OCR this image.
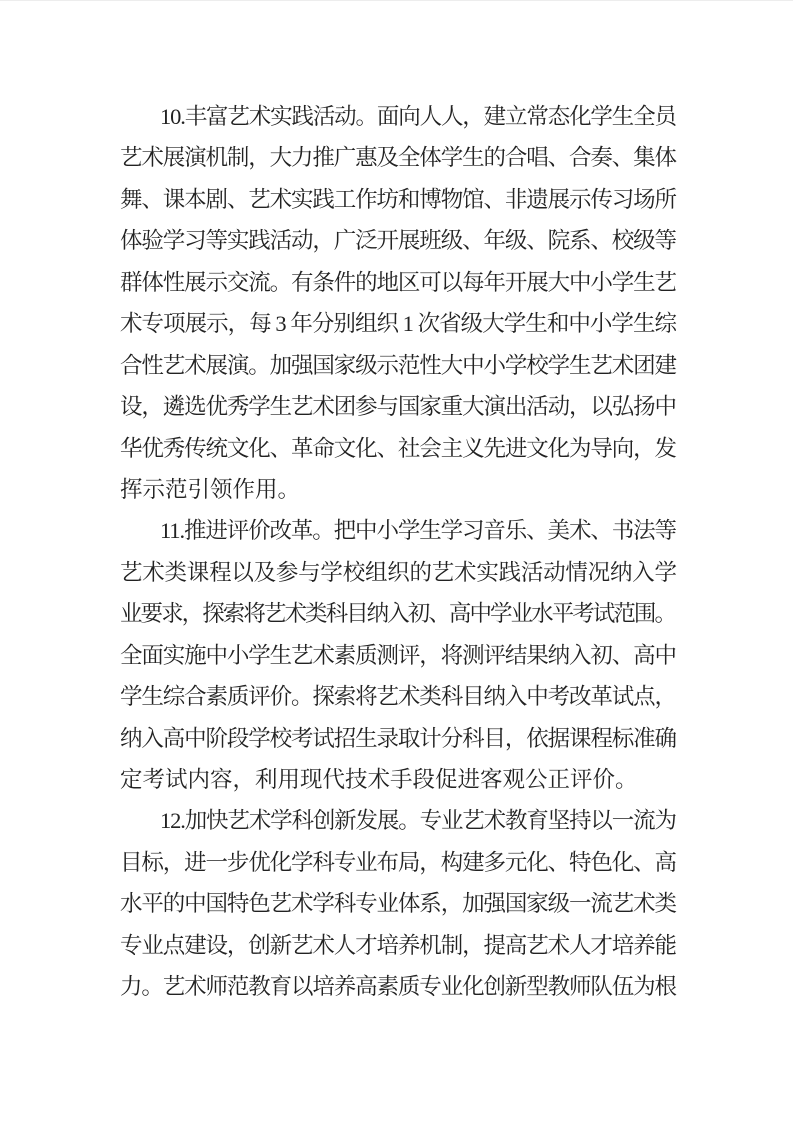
10.丰富艺术实践活动。面向人人，建立常态化学生全员
艺术展演机制，大力推广惠及全体学生的合唱、合奏、集体
舞、课本剧、艺术实践工作坊和博物馆、非遗展示传习场所
体验学习等实践活动，广泛开展班级、年级、院系、校级等
群体性展示交流。有条件的地区可以每年开展大中小学生艺
术专项展示，每 3 年分别组织 1 次省级大学生和中小学生综
合性艺术展演。加强国家级示范性大中小学校学生艺术团建
设，遴选优秀学生艺术团参与国家重大演出活动，以弘扬中
华优秀传统文化、革命文化、社会主义先进文化为导向，发
挥示范引领作用。
11.推进评价改革。把中小学生学习音乐、美术、书法等
艺术类课程以及参与学校组织的艺术实践活动情况纳入学
业要求，探索将艺术类科目纳入初、高中学业水平考试范围。
全面实施中小学生艺术素质测评，将测评结果纳入初、高中
学生综合素质评价。探索将艺术类科目纳入中考改革试点，
纳入高中阶段学校考试招生录取计分科目，依据课程标准确
定考试内容，利用现代技术手段促进客观公正评价。
12.加快艺术学科创新发展。专业艺术教育坚持以一流为
目标，进一步优化学科专业布局，构建多元化、特色化、高
水平的中国特色艺术学科专业体系，加强国家级一流艺术类
专业点建设，创新艺术人才培养机制，提高艺术人才培养能
力。艺术师范教育以培养高素质专业化创新型教师队伍为根
